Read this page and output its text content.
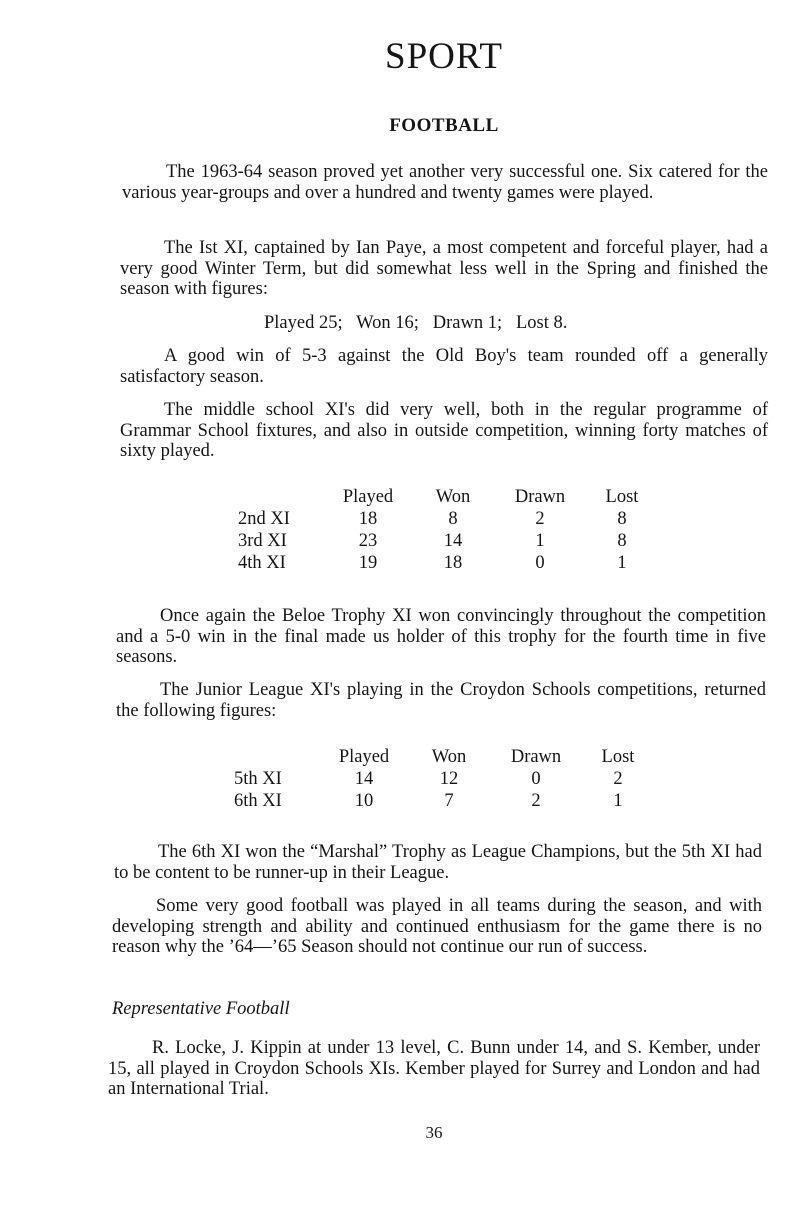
SPORT
FOOTBALL

The 1963-64 season proved yet another very successful one. Six catered for the various year-groups and over a hundred and twenty games were played.

The Ist XI, captained by Ian Paye, a most competent and forceful player, had a very good Winter Term, but did somewhat less well in the Spring and finished the season with figures:

Played 25;   Won 16;   Drawn 1;   Lost 8.

A good win of 5-3 against the Old Boy's team rounded off a generally satisfactory season.

The middle school XI's did very well, both in the regular programme of Grammar School fixtures, and also in outside competition, winning forty matches of sixty played.

	Played	Won	Drawn	Lost
2nd XI	18	8	2	8
3rd XI	23	14	1	8
4th XI	19	18	0	1

Once again the Beloe Trophy XI won convincingly throughout the competition and a 5-0 win in the final made us holder of this trophy for the fourth time in five seasons.

The Junior League XI's playing in the Croydon Schools competitions, returned the following figures:

	Played	Won	Drawn	Lost
5th XI	14	12	0	2
6th XI	10	7	2	1

The 6th XI won the “Marshal” Trophy as League Champions, but the 5th XI had to be content to be runner-up in their League.

Some very good football was played in all teams during the season, and with developing strength and ability and continued enthusiasm for the game there is no reason why the ’64—’65 Season should not continue our run of success.

Representative Football

R. Locke, J. Kippin at under 13 level, C. Bunn under 14, and S. Kember, under 15, all played in Croydon Schools XIs. Kember played for Surrey and London and had an International Trial.

36
